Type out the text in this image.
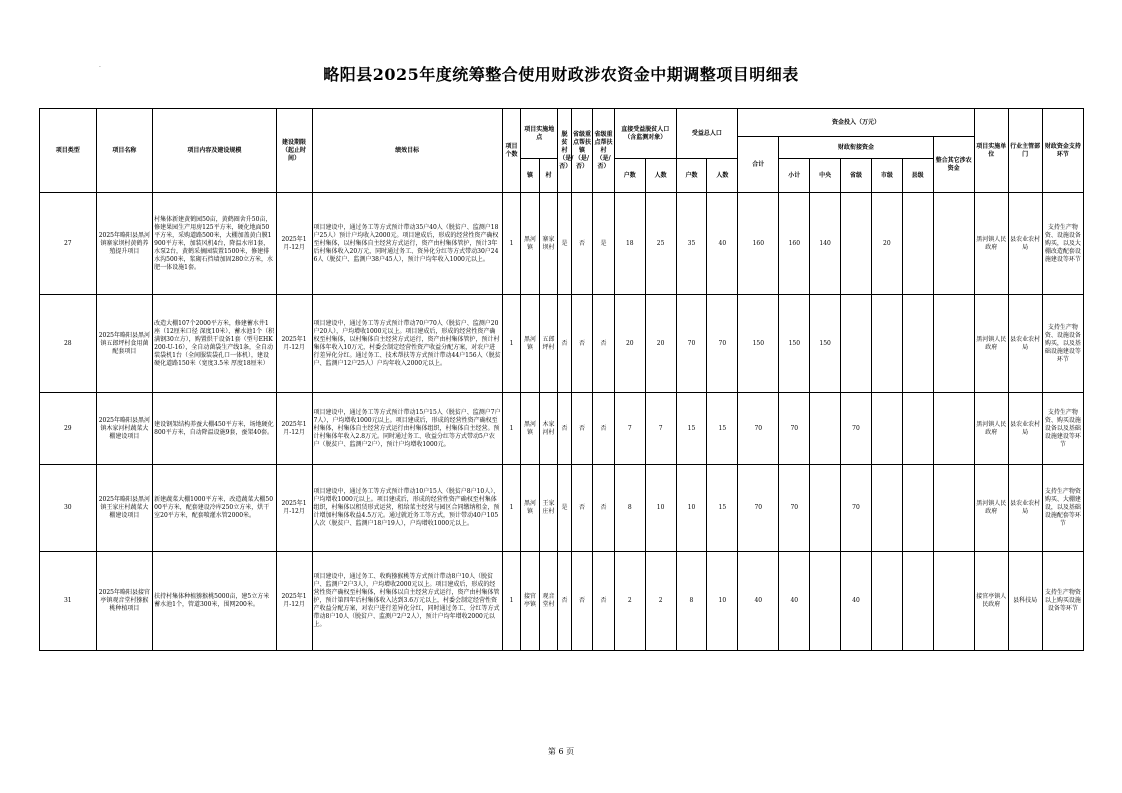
·	略阳县2025年度统筹整合使用财政涉农资金中期调整项目明细表
项目类型	项目名称	项目内容及建设规模	建设期限（起止时间）	绩效目标	项目个数	项目实施地点		脱贫村（是/否）	省级重点帮扶镇（是/否）	省级重点帮扶村（是/否）	直接受益脱贫人口（含监测对象）		受益总人口		资金投入（万元）							项目实施单位	行业主管部门	财政资金支持环节
															合计	财政衔接资金					整合其它涉农资金			
						镇	村				户数	人数	户数	人数		小计	中央	省级	市级	县级				
27	2025年略阳县黑河镇寨家坝村黄鹤养殖提升项目	村集体新建黄鹤园50亩，黄鹤圈舍升50亩，修建果园生产用房125平方米，硬化地面50平方米，采购道路500米，大棚加盖黄白膜1900平方米，加装风机4台，降温水帘1套，水泵2台，黄鹤采摘园装置1500米，修建排水沟500米，浆砌石挡墙加固280立方米，水肥一体设施1套。	2025年1月-12月	项目建设中，通过务工等方式预计带动35户40人（脱贫户、监测户18户25人）预计户均收入2000元。项目建成后，形成的经营性资产确权至村集体，以村集体自主经营方式运行，资产由村集体管护，预计3年后村集体收入20万元，同时通过务工、资异化分红等方式带动30户246人（脱贫户、监测户38户45人），预计户均年收入1000元以上。	1	黑河镇	寨家坝村	是	否	是	18	25	35	40	160	160	140		20			黑河镇人民政府	县农业农村局	支持生产物资、设施设备购买，以及大棚改造配套设施建设等环节
28	2025年略阳县黑河镇五郎坪村食用菌配套项目	改造大棚107个2000平方米，修建蓄水井1座（12厘米口径 深度10米），蓄水池1个（积满钢30立方），购置烘干设备1套（型号EHK200-U-16），全自动菌袋生产线1条，全自动装袋机1台（全间服装袋孔口一体机），建设硬化道路150米（宽度3.5米 厚度18厘米）	2025年1月-12月	项目建设中，通过务工等方式预计带动70户70人（脱贫户、监测户20户20人），户均增收1000元以上。项目建成后，形成的经营性资产确权至村集体，以村集体自主经营方式运行，资产由村集体管护，预计村集体年收入10万元，村委会制定经营性资产收益分配方案，对农户进行差异化分红。通过务工、技术帮扶等方式预计带动44户156人（脱贫户、监测户12户25人）户均年收入2000元以上。	1	黑河镇	五郎坪村	否	否	否	20	20	70	70	150	150	150					黑河镇人民政府	县农业农村局	支持生产物资、设施设备购买，以及基础设施建设等环节
29	2025年略阳县黑河镇木家河村蔬菜大棚建设项目	建设钢架结构养蚕大棚450平方米，场地硬化800平方米，自动降温设施9套，蚕架40套。	2025年1月-12月	项目建设中，通过务工等方式预计带动15户15人（脱贫户、监测户7户7人），户均增收1000元以上。项目建成后，形成的经营性资产确权至村集体，村集体自主经营方式运行由村集体组织，村集体自主经营。预计村集体年收入2.8万元。同时通过务工、收益分红等方式带动5户农户（脱贫户、监测户2户），预计户均增收1000元。	1	黑河镇	木家河村	否	否	否	7	7	15	15	70	70		70				黑河镇人民政府	县农业农村局	支持生产物资、购买设施设备以及基础设施建设等环节
30	2025年略阳县黑河镇王家庄村蔬菜大棚建设项目	新建蔬菜大棚1000平方米，改造蔬菜大棚5000平方米，配套建设冷库250立方米，烘干室20平方米，配套喷灌水管2000米。	2025年1月-12月	项目建设中，通过务工等方式预计带动10户15人（脱贫户8户10人），户均增收1000元以上。项目建成后，形成的经营性资产确权至村集体组织，村集体以租赁形式运营，租给菜主经营与园区合同缴纳租金，预计增加村集体收益4.5万元。通过就近务工等方式，预计带动40户105人次（脱贫户、监测户18户19人），户均增收1000元以上。	1	黑河镇	王家庄村	是	否	否	8	10	10	15	70	70		70				黑河镇人民政府	县农业农村局	支持生产物资购买、大棚建设，以及基础设施配套等环节
31	2025年略阳县接官亭镇观音堂村猕猴桃种植项目	扶持村集体种植猕猴桃5000亩，建5立方米蓄水池1个，管道300米，围网200米。	2025年1月-12月	项目建设中，通过务工、收购猕猴桃等方式预计带动8户10人（脱贫户、监测户2户3人），户均增收2000元以上。项目建成后，形成的经营性资产确权至村集体，村集体以自主经营方式运行，资产由村集体管护，预计第四年后村集体收入达到3.6万元以上，村委会制定经营性资产收益分配方案，对农户进行差异化分红，同时通过务工、分红等方式带动8户10人（脱贫户、监测户2户2人），预计户均年增收2000元以上。	1	接官亭镇	观音堂村	否	否	否	2	2	8	10	40	40		40				接官亭镇人民政府	县科技局	支持生产物资以上购买设施设备等环节
第 6 页
